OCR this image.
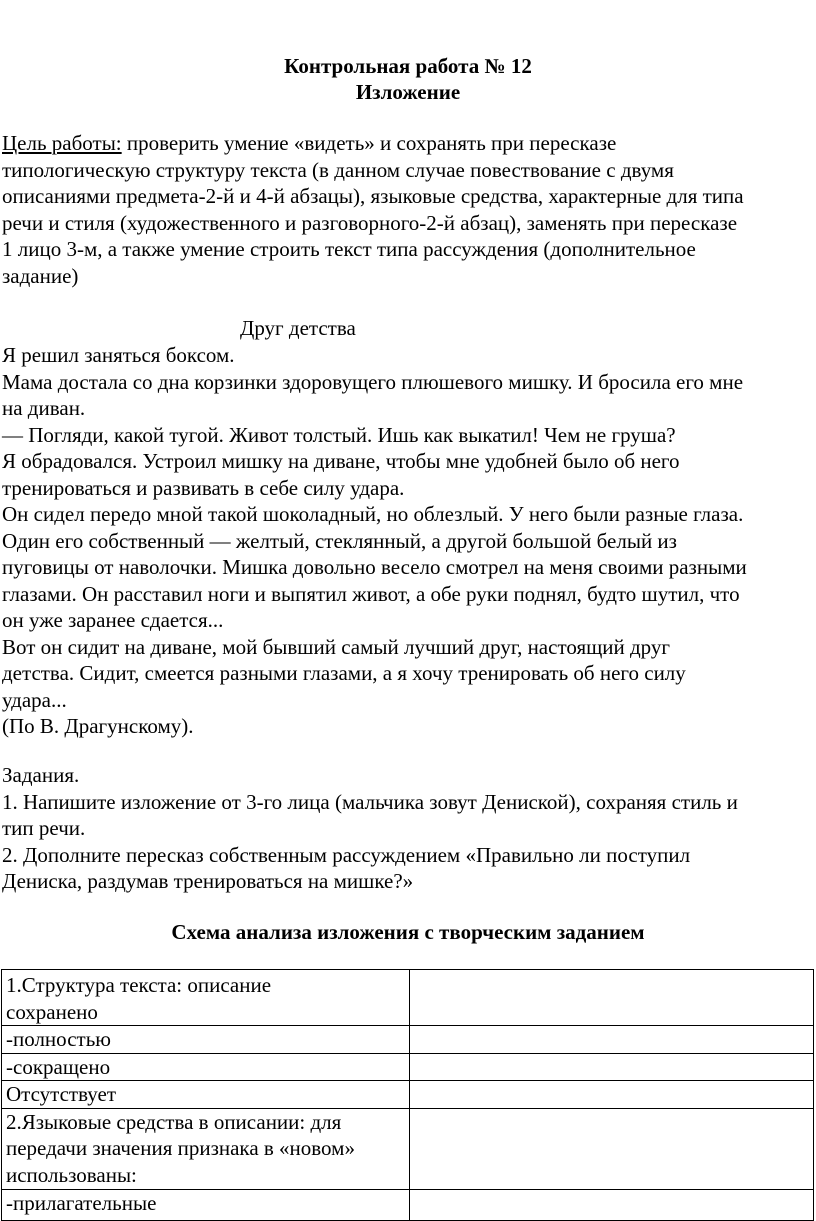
Контрольная работа № 12
Изложение
Цель работы: проверить умение «видеть» и сохранять при пересказе
типологическую структуру текста (в данном случае повествование с двумя
описаниями предмета-2-й и 4-й абзацы), языковые средства, характерные для типа
речи и стиля (художественного и разговорного-2-й абзац), заменять при пересказе
1 лицо 3-м, а также умение строить текст типа рассуждения (дополнительное
задание)
Друг детства
Я решил заняться боксом.
Мама достала со дна корзинки здоровущего плюшевого мишку. И бросила его мне
на диван.
— Погляди, какой тугой. Живот толстый. Ишь как выкатил! Чем не груша?
Я обрадовался. Устроил мишку на диване, чтобы мне удобней было об него
тренироваться и развивать в себе силу удара.
Он сидел передо мной такой шоколадный, но облезлый. У него были разные глаза.
Один его собственный — желтый, стеклянный, а другой большой белый из
пуговицы от наволочки. Мишка довольно весело смотрел на меня своими разными
глазами. Он расставил ноги и выпятил живот, а обе руки поднял, будто шутил, что
он уже заранее сдается...
Вот он сидит на диване, мой бывший самый лучший друг, настоящий друг
детства. Сидит, смеется разными глазами, а я хочу тренировать об него силу
удара...
(По В. Драгунскому).
Задания.
1. Напишите изложение от 3-го лица (мальчика зовут Дениской), сохраняя стиль и
тип речи.
2. Дополните пересказ собственным рассуждением «Правильно ли поступил
Дениска, раздумав тренироваться на мишке?»
Схема анализа изложения с творческим заданием
1.Структура текста: описание
сохранено	

-полностью	

-сокращено	

Отсутствует	

2.Языковые средства в описании: для
передачи значения признака в «новом»
использованы:	

-прилагательные	
